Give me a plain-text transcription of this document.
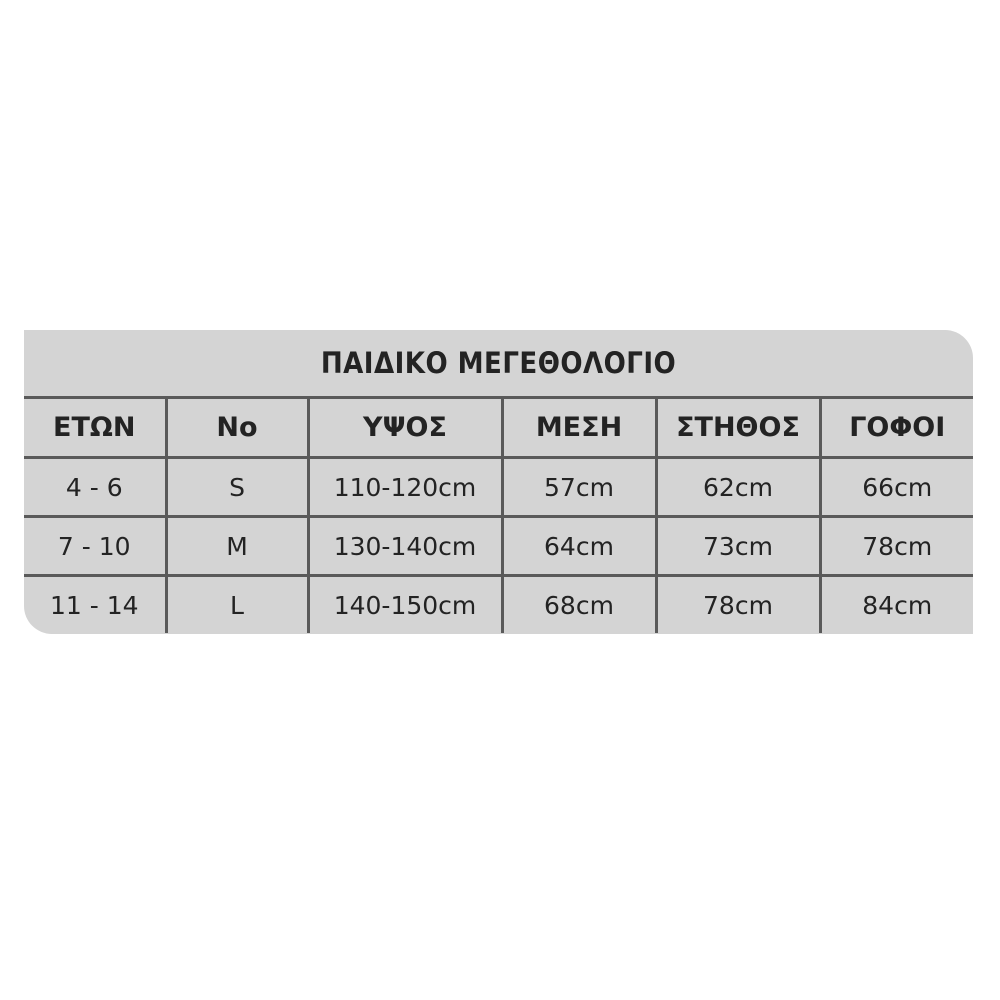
ΠΑΙΔΙΚΟ ΜΕΓΕΘΟΛΟΓΙΟ
ΕΤΩΝ	No	ΥΨΟΣ	ΜΕΣΗ	ΣΤΗΘΟΣ	ΓΟΦΟΙ
4 - 6	S	110-120cm	57cm	62cm	66cm
7 - 10	M	130-140cm	64cm	73cm	78cm
11 - 14	L	140-150cm	68cm	78cm	84cm
